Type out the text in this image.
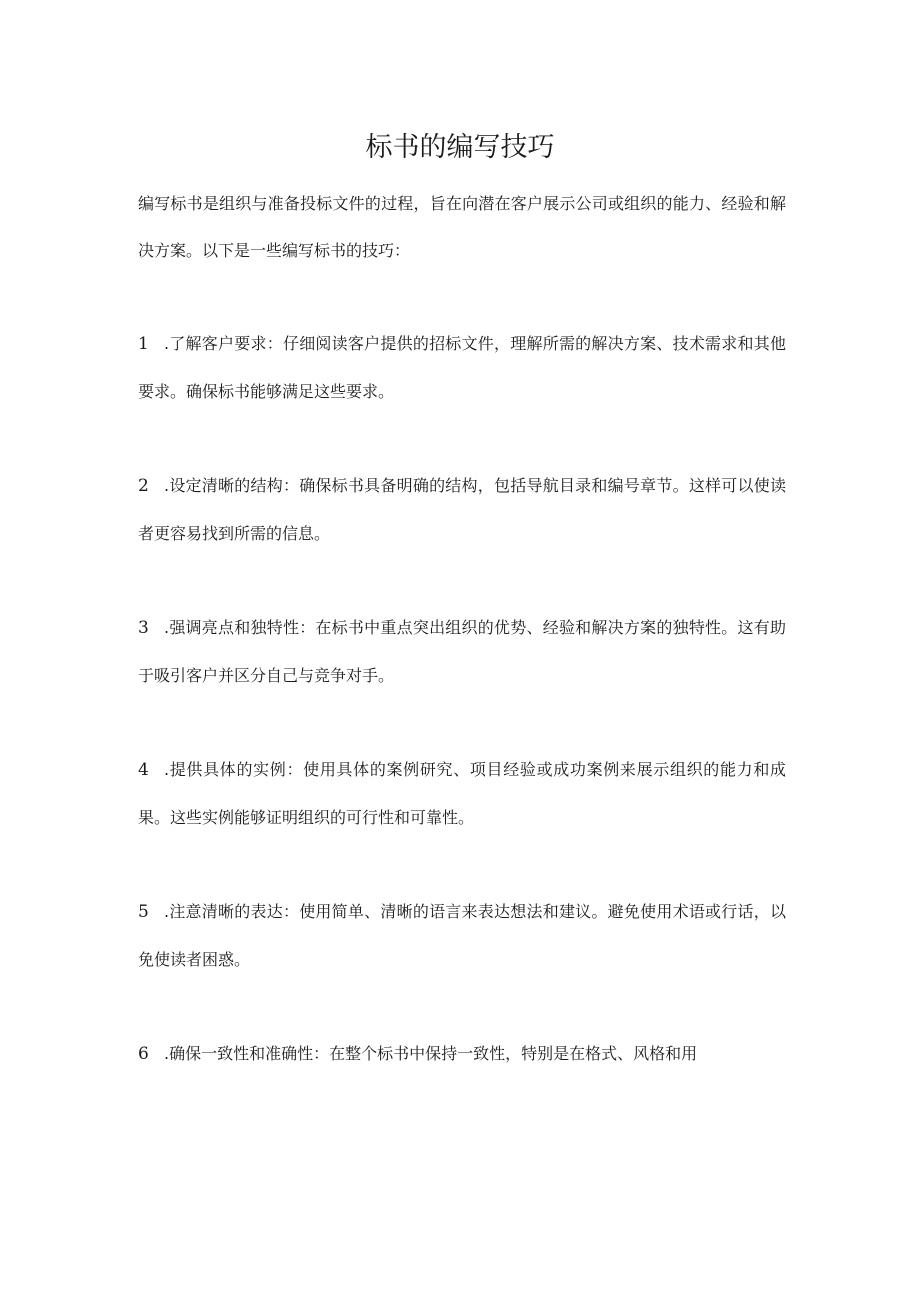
标书的编写技巧

编写标书是组织与准备投标文件的过程，旨在向潜在客户展示公司或组织的能力、经验和解决方案。以下是一些编写标书的技巧：

1 .了解客户要求：仔细阅读客户提供的招标文件，理解所需的解决方案、技术需求和其他要求。确保标书能够满足这些要求。

2 .设定清晰的结构：确保标书具备明确的结构，包括导航目录和编号章节。这样可以使读者更容易找到所需的信息。

3 .强调亮点和独特性：在标书中重点突出组织的优势、经验和解决方案的独特性。这有助于吸引客户并区分自己与竞争对手。

4 .提供具体的实例：使用具体的案例研究、项目经验或成功案例来展示组织的能力和成果。这些实例能够证明组织的可行性和可靠性。

5 .注意清晰的表达：使用简单、清晰的语言来表达想法和建议。避免使用术语或行话，以免使读者困惑。

6 .确保一致性和准确性：在整个标书中保持一致性，特别是在格式、风格和用
